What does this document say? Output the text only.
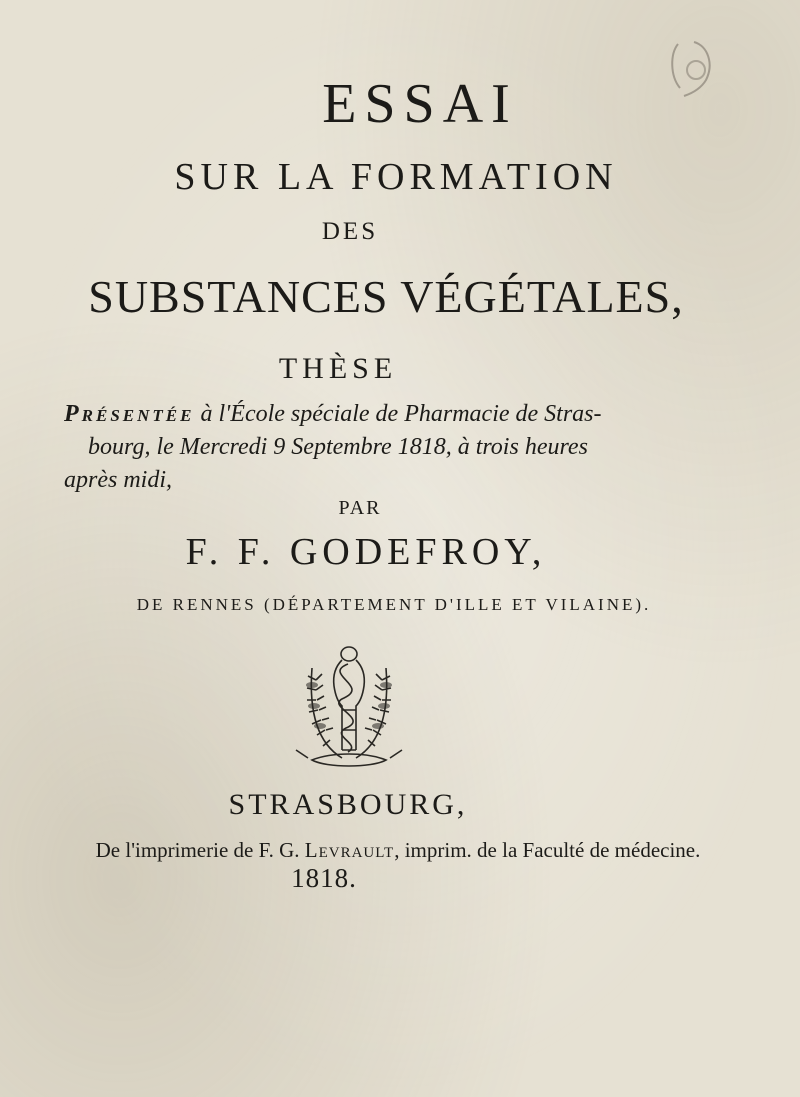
ESSAI
SUR LA FORMATION
DES
SUBSTANCES VÉGÉTALES,
THÈSE
Présentée à l'École spéciale de Pharmacie de Stras-
bourg, le Mercredi 9 Septembre 1818, à trois heures
après midi,
PAR
F. F. GODEFROY,
DE RENNES (DÉPARTEMENT D'ILLE ET VILAINE).
STRASBOURG,
De l'imprimerie de F. G. Levrault, imprim. de la Faculté de médecine.
1818.
